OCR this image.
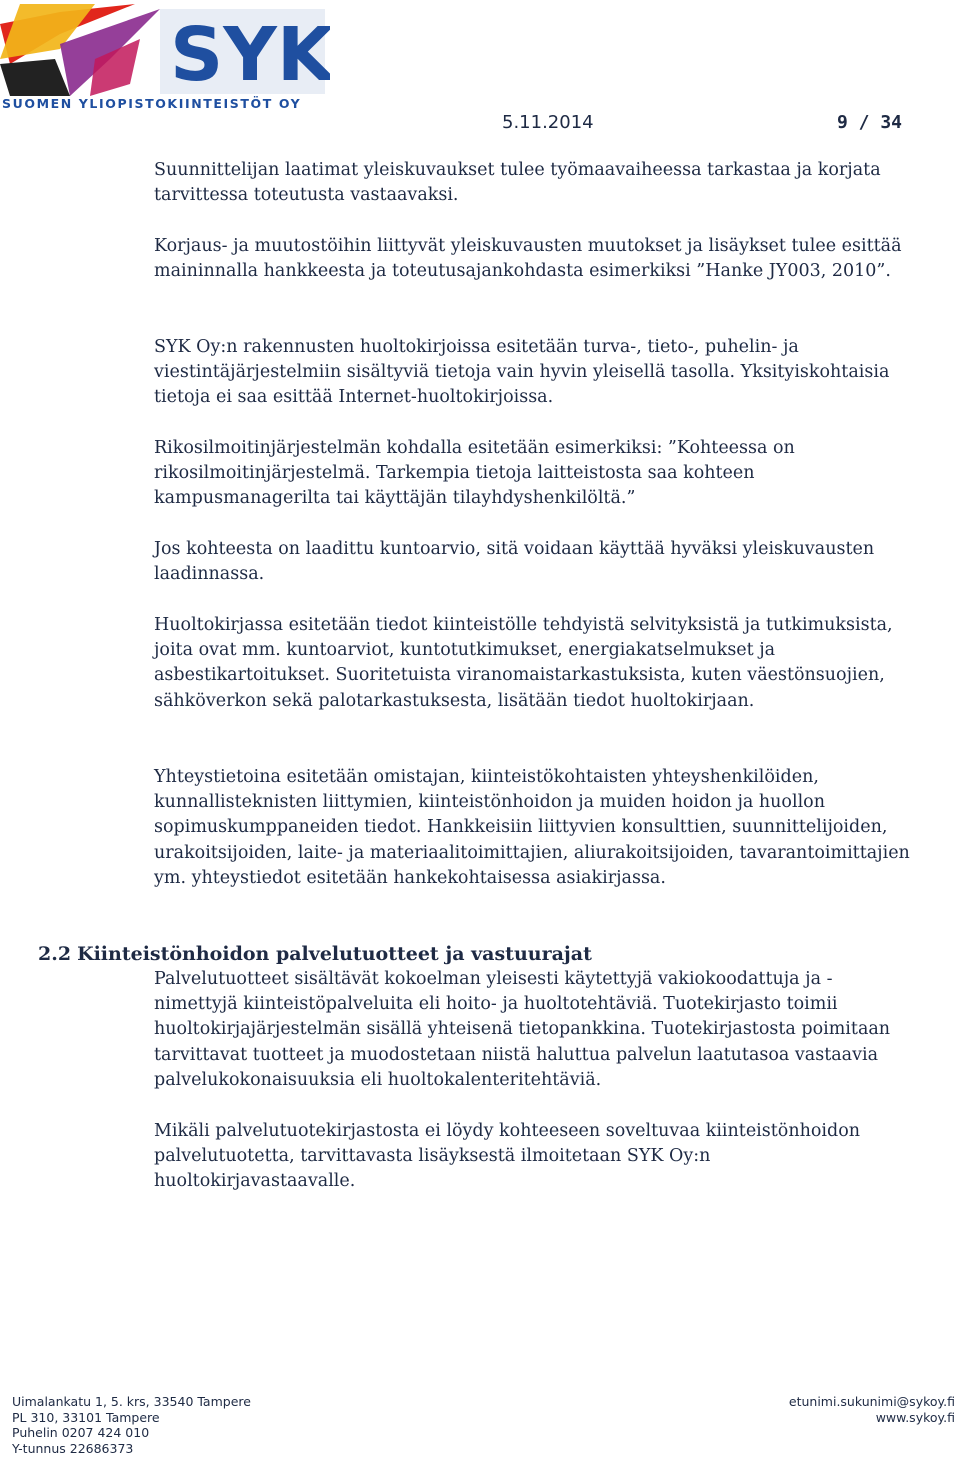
SYK
SUOMEN YLIOPISTOKIINTEISTÖT OY
5.11.2014	9 / 34

Suunnittelijan laatimat yleiskuvaukset tulee työmaavaiheessa tarkastaa ja korjata tarvittessa toteutusta vastaavaksi.

Korjaus- ja muutostöihin liittyvät yleiskuvausten muutokset ja lisäykset tulee esittää maininnalla hankkeesta ja toteutusajankohdasta esimerkiksi ”Hanke JY003, 2010”.

SYK Oy:n rakennusten huoltokirjoissa esitetään turva-, tieto-, puhelin- ja viestintäjärjestelmiin sisältyviä tietoja vain hyvin yleisellä tasolla. Yksityiskohtaisia tietoja ei saa esittää Internet-huoltokirjoissa.

Rikosilmoitinjärjestelmän kohdalla esitetään esimerkiksi: ”Kohteessa on rikosilmoitinjärjestelmä. Tarkempia tietoja laitteistosta saa kohteen kampusmanagerilta tai käyttäjän tilayhdyshenkilöltä.”

Jos kohteesta on laadittu kuntoarvio, sitä voidaan käyttää hyväksi yleiskuvausten laadinnassa.

Huoltokirjassa esitetään tiedot kiinteistölle tehdyistä selvityksistä ja tutkimuksista, joita ovat mm. kuntoarviot, kuntotutkimukset, energiakatselmukset ja asbestikartoitukset. Suoritetuista viranomaistarkastuksista, kuten väestönsuojien, sähköverkon sekä palotarkastuksesta, lisätään tiedot huoltokirjaan.

Yhteystietoina esitetään omistajan, kiinteistökohtaisten yhteyshenkilöiden, kunnallisteknisten liittymien, kiinteistönhoidon ja muiden hoidon ja huollon sopimuskumppaneiden tiedot. Hankkeisiin liittyvien konsulttien, suunnittelijoiden, urakoitsijoiden, laite- ja materiaalitoimittajien, aliurakoitsijoiden, tavarantoimittajien ym. yhteystiedot esitetään hankekohtaisessa asiakirjassa.

2.2 Kiinteistönhoidon palvelutuotteet ja vastuurajat

Palvelutuotteet sisältävät kokoelman yleisesti käytettyjä vakiokoodattuja ja -nimettyjä kiinteistöpalveluita eli hoito- ja huoltotehtäviä. Tuotekirjasto toimii huoltokirjajärjestelmän sisällä yhteisenä tietopankkina. Tuotekirjastosta poimitaan tarvittavat tuotteet ja muodostetaan niistä haluttua palvelun laatutasoa vastaavia palvelukokonaisuuksia eli huoltokalenteritehtäviä.

Mikäli palvelutuotekirjastosta ei löydy kohteeseen soveltuvaa kiinteistönhoidon palvelutuotetta, tarvittavasta lisäyksestä ilmoitetaan SYK Oy:n huoltokirjavastaavalle.

Uimalankatu 1, 5. krs, 33540 Tampere
PL 310, 33101 Tampere
Puhelin 0207 424 010
Y-tunnus 22686373
etunimi.sukunimi@sykoy.fi
www.sykoy.fi
